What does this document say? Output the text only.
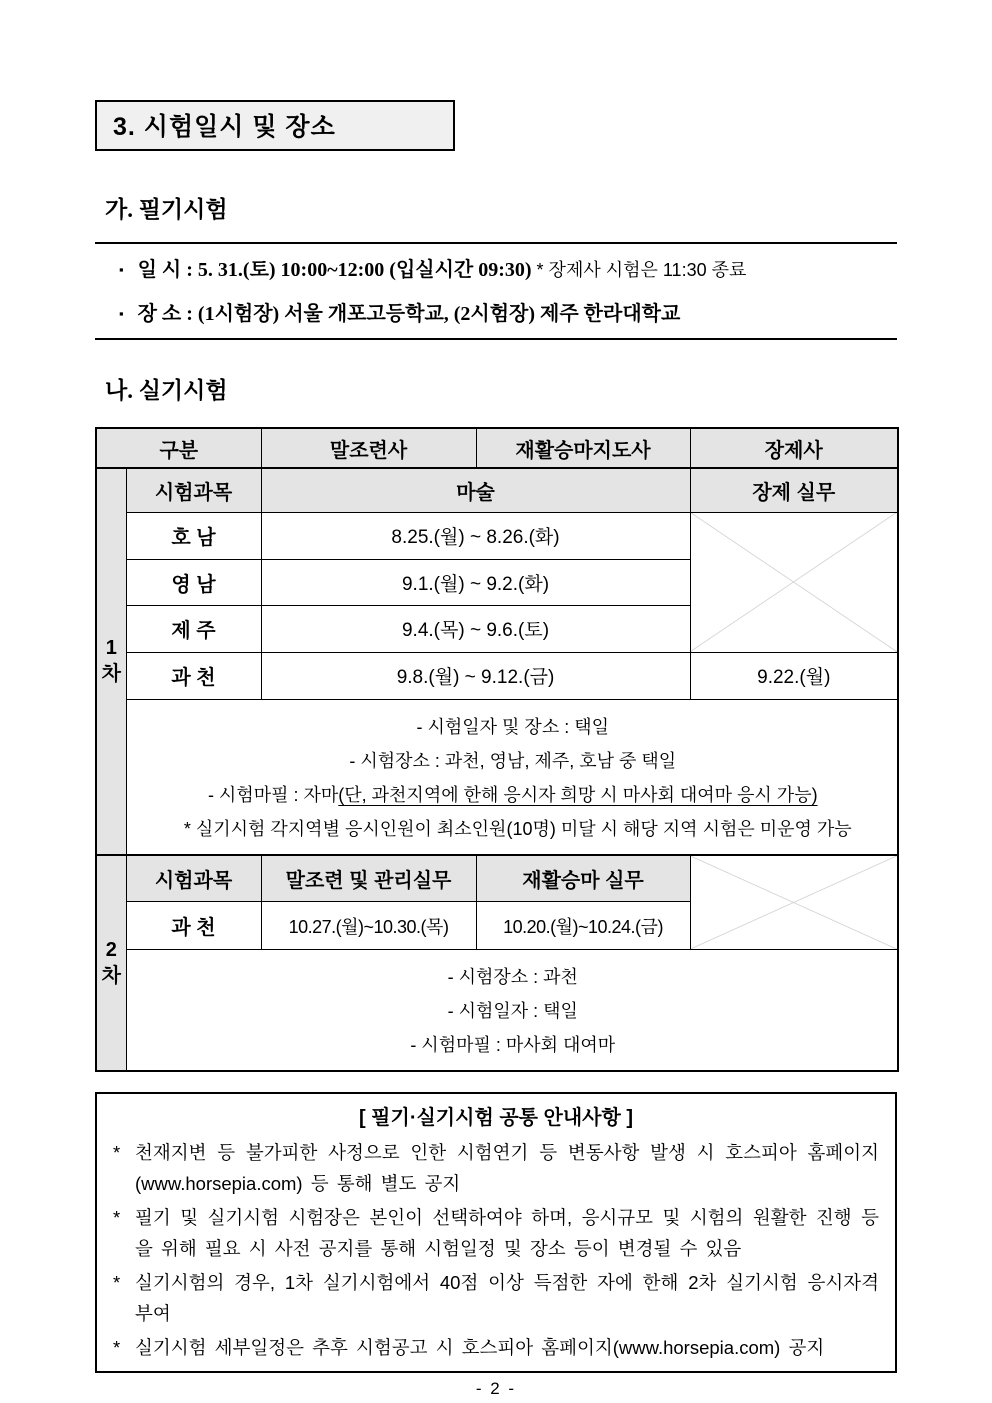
3. 시험일시 및 장소
가. 필기시험
▪ 일 시 : 5. 31.(토) 10:00~12:00 (입실시간 09:30) * 장제사 시험은 11:30 종료
▪ 장 소 : (1시험장) 서울 개포고등학교, (2시험장) 제주 한라대학교
나. 실기시험
구분		말조련사	재활승마지도사	장제사
1
차	시험과목	마술		장제 실무
	호 남	8.25.(월) ~ 8.26.(화)		
	영 남	9.1.(월) ~ 9.2.(화)		
	제 주	9.4.(목) ~ 9.6.(토)		
	과 천	9.8.(월) ~ 9.12.(금)		9.22.(월)

	- 시험일자 및 장소 : 택일
- 시험장소 : 과천, 영남, 제주, 호남 중 택일
- 시험마필 : 자마(단, 과천지역에 한해 응시자 희망 시 마사회 대여마 응시 가능)
* 실기시험 각지역별 응시인원이 최소인원(10명) 미달 시 해당 지역 시험은 미운영 가능			

2
차	시험과목	말조련 및 관리실무	재활승마 실무	
	과 천	10.27.(월)~10.30.(목)	10.20.(월)~10.24.(금)	

	- 시험장소 : 과천
- 시험일자 : 택일
- 시험마필 : 마사회 대여마			
[ 필기·실기시험 공통 안내사항 ]
* 천재지변 등 불가피한 사정으로 인한 시험연기 등 변동사항 발생 시 호스피아 홈페이지(www.horsepia.com) 등 통해 별도 공지
* 필기 및 실기시험 시험장은 본인이 선택하여야 하며, 응시규모 및 시험의 원활한 진행 등을 위해 필요 시 사전 공지를 통해 시험일정 및 장소 등이 변경될 수 있음
* 실기시험의 경우, 1차 실기시험에서 40점 이상 득점한 자에 한해 2차 실기시험 응시자격 부여
* 실기시험 세부일정은 추후 시험공고 시 호스피아 홈페이지(www.horsepia.com) 공지
- 2 -
